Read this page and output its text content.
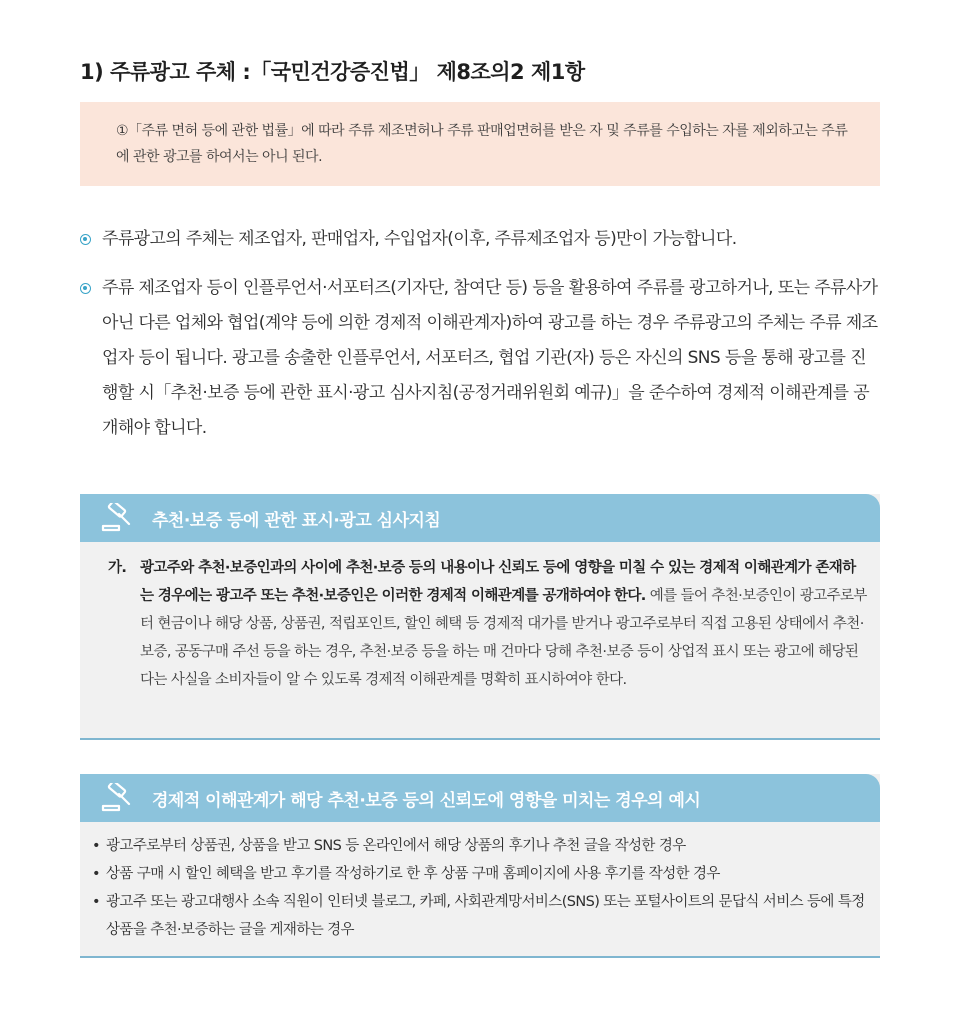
1) 주류광고 주체 :「국민건강증진법」 제8조의2 제1항

①「주류 면허 등에 관한 법률」에 따라 주류 제조면허나 주류 판매업면허를 받은 자 및 주류를 수입하는 자를 제외하고는 주류에 관한 광고를 하여서는 아니 된다.

주류광고의 주체는 제조업자, 판매업자, 수입업자(이후, 주류제조업자 등)만이 가능합니다.
주류 제조업자 등이 인플루언서·서포터즈(기자단, 참여단 등) 등을 활용하여 주류를 광고하거나, 또는 주류사가 아닌 다른 업체와 협업(계약 등에 의한 경제적 이해관계자)하여 광고를 하는 경우 주류광고의 주체는 주류 제조업자 등이 됩니다. 광고를 송출한 인플루언서, 서포터즈, 협업 기관(자) 등은 자신의 SNS 등을 통해 광고를 진행할 시「추천·보증 등에 관한 표시·광고 심사지침(공정거래위원회 예규)」을 준수하여 경제적 이해관계를 공개해야 합니다.
추천·보증 등에 관한 표시·광고 심사지침
가. 광고주와 추천·보증인과의 사이에 추천·보증 등의 내용이나 신뢰도 등에 영향을 미칠 수 있는 경제적 이해관계가 존재하는 경우에는 광고주 또는 추천·보증인은 이러한 경제적 이해관계를 공개하여야 한다. 예를 들어 추천·보증인이 광고주로부터 현금이나 해당 상품, 상품권, 적립포인트, 할인 혜택 등 경제적 대가를 받거나 광고주로부터 직접 고용된 상태에서 추천·보증, 공동구매 주선 등을 하는 경우, 추천·보증 등을 하는 매 건마다 당해 추천·보증 등이 상업적 표시 또는 광고에 해당된다는 사실을 소비자들이 알 수 있도록 경제적 이해관계를 명확히 표시하여야 한다.
경제적 이해관계가 해당 추천·보증 등의 신뢰도에 영향을 미치는 경우의 예시
• 광고주로부터 상품권, 상품을 받고 SNS 등 온라인에서 해당 상품의 후기나 추천 글을 작성한 경우
• 상품 구매 시 할인 혜택을 받고 후기를 작성하기로 한 후 상품 구매 홈페이지에 사용 후기를 작성한 경우
• 광고주 또는 광고대행사 소속 직원이 인터넷 블로그, 카페, 사회관계망서비스(SNS) 또는 포털사이트의 문답식 서비스 등에 특정 상품을 추천·보증하는 글을 게재하는 경우
